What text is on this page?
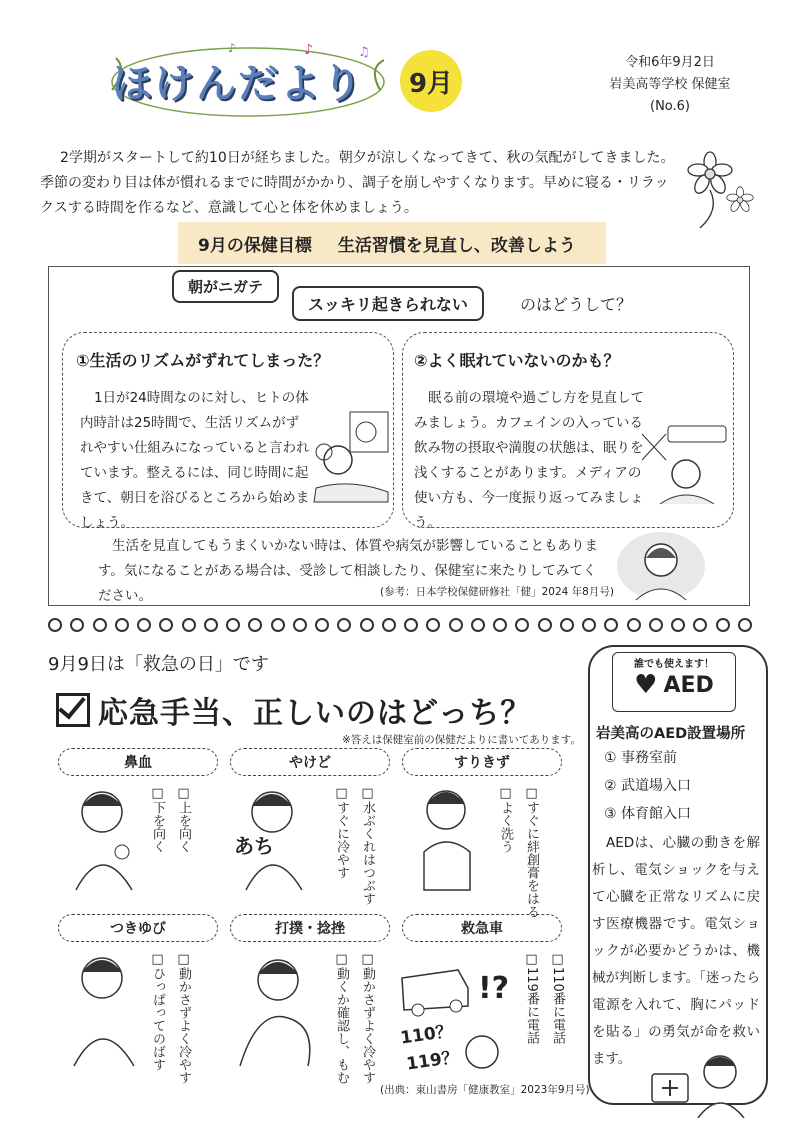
♪
♪	♫
ほけんだより	9月
令和6年9月2日
岩美高等学校 保健室
(No.6)
2学期がスタートして約10日が経ちました。朝夕が涼しくなってきて、秋の気配がしてきました。季節の変わり目は体が慣れるまでに時間がかかり、調子を崩しやすくなります。早めに寝る・リラックスする時間を作るなど、意識して心と体を休めましょう。
9月の保健目標 生活習慣を見直し、改善しよう
朝がニガテ
スッキリ起きられない	のはどうして？
①生活のリズムがずれてしまった？
1日が24時間なのに対し、ヒトの体内時計は25時間で、生活リズムがずれやすい仕組みになっていると言われています。整えるには、同じ時間に起きて、朝日を浴びるところから始めましょう。
②よく眠れていないのかも？
眠る前の環境や過ごし方を見直してみましょう。カフェインの入っている飲み物の摂取や満腹の状態は、眠りを浅くすることがあります。メディアの使い方も、今一度振り返ってみましょう。
生活を見直してもうまくいかない時は、体質や病気が影響していることもあります。気になることがある場合は、受診して相談したり、保健室に来たりしてみてください。	(参考：日本学校保健研修社「健」2024 年8月号)
9月9日は「救急の日」です
応急手当、正しいのはどっち？
※答えは保健室前の保健だよりに書いてあります。
鼻血	やけど	すりきず
つきゆび	打撲・捻挫	救急車
あち
!?
110？
119？
□下を向く
□上を向く
□すぐに冷やす
□水ぶくれはつぶす
□よく洗う
□すぐに絆創膏をはる
□ひっぱってのばす
□動かさずよく冷やす
□動くか確認し、もむ
□動かさずよく冷やす
□119番に電話
□110番に電話
(出典：東山書房「健康教室」2023年9月号)
誰でも使えます！
♥ AED
岩美高のAED設置場所
① 事務室前
② 武道場入口
③ 体育館入口
AEDは、心臓の動きを解析し、電気ショックを与えて心臓を正常なリズムに戻す医療機器です。電気ショックが必要かどうかは、機械が判断します。「迷ったら電源を入れて、胸にパッドを貼る」の勇気が命を救います。
